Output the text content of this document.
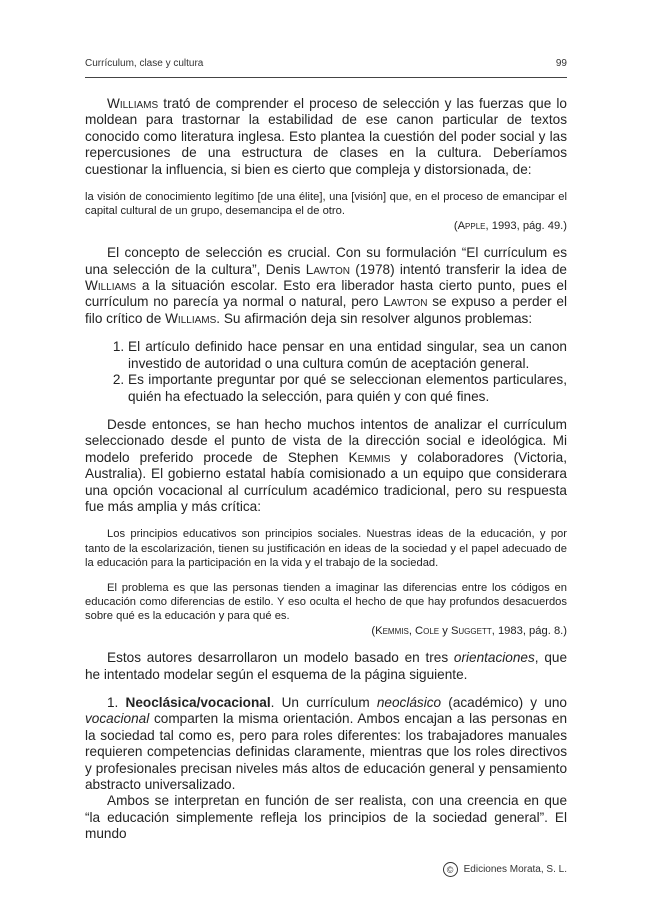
Currículum, clase y cultura	99

Williams trató de comprender el proceso de selección y las fuerzas que lo moldean para trastornar la estabilidad de ese canon particular de textos conocido como literatura inglesa. Esto plantea la cuestión del poder social y las repercusiones de una estructura de clases en la cultura. Deberíamos cuestionar la influencia, si bien es cierto que compleja y distorsionada, de:

la visión de conocimiento legítimo [de una élite], una [visión] que, en el proceso de emancipar el capital cultural de un grupo, desemancipa el de otro.

(Apple, 1993, pág. 49.)

El concepto de selección es crucial. Con su formulación “El currículum es una selección de la cultura”, Denis Lawton (1978) intentó transferir la idea de Williams a la situación escolar. Esto era liberador hasta cierto punto, pues el currículum no parecía ya normal o natural, pero Lawton se expuso a perder el filo crítico de Williams. Su afirmación deja sin resolver algunos problemas:

1. El artículo definido hace pensar en una entidad singular, sea un canon investido de autoridad o una cultura común de aceptación general.
2. Es importante preguntar por qué se seleccionan elementos particulares, quién ha efectuado la selección, para quién y con qué fines.

Desde entonces, se han hecho muchos intentos de analizar el currículum seleccionado desde el punto de vista de la dirección social e ideológica. Mi modelo preferido procede de Stephen Kemmis y colaboradores (Victoria, Australia). El gobierno estatal había comisionado a un equipo que considerara una opción vocacional al currículum académico tradicional, pero su respuesta fue más amplia y más crítica:

Los principios educativos son principios sociales. Nuestras ideas de la educación, y por tanto de la escolarización, tienen su justificación en ideas de la sociedad y el papel adecuado de la educación para la participación en la vida y el trabajo de la sociedad.

El problema es que las personas tienden a imaginar las diferencias entre los códigos en educación como diferencias de estilo. Y eso oculta el hecho de que hay profundos desacuerdos sobre qué es la educación y para qué es.

(Kemmis, Cole y Suggett, 1983, pág. 8.)

Estos autores desarrollaron un modelo basado en tres orientaciones, que he intentado modelar según el esquema de la página siguiente.

1. Neoclásica/vocacional. Un currículum neoclásico (académico) y uno vocacional comparten la misma orientación. Ambos encajan a las personas en la sociedad tal como es, pero para roles diferentes: los trabajadores manuales requieren competencias definidas claramente, mientras que los roles directivos y profesionales precisan niveles más altos de educación general y pensamiento abstracto universalizado.

Ambos se interpretan en función de ser realista, con una creencia en que “la educación simplemente refleja los principios de la sociedad general”. El mundo

©	Ediciones Morata, S. L.
